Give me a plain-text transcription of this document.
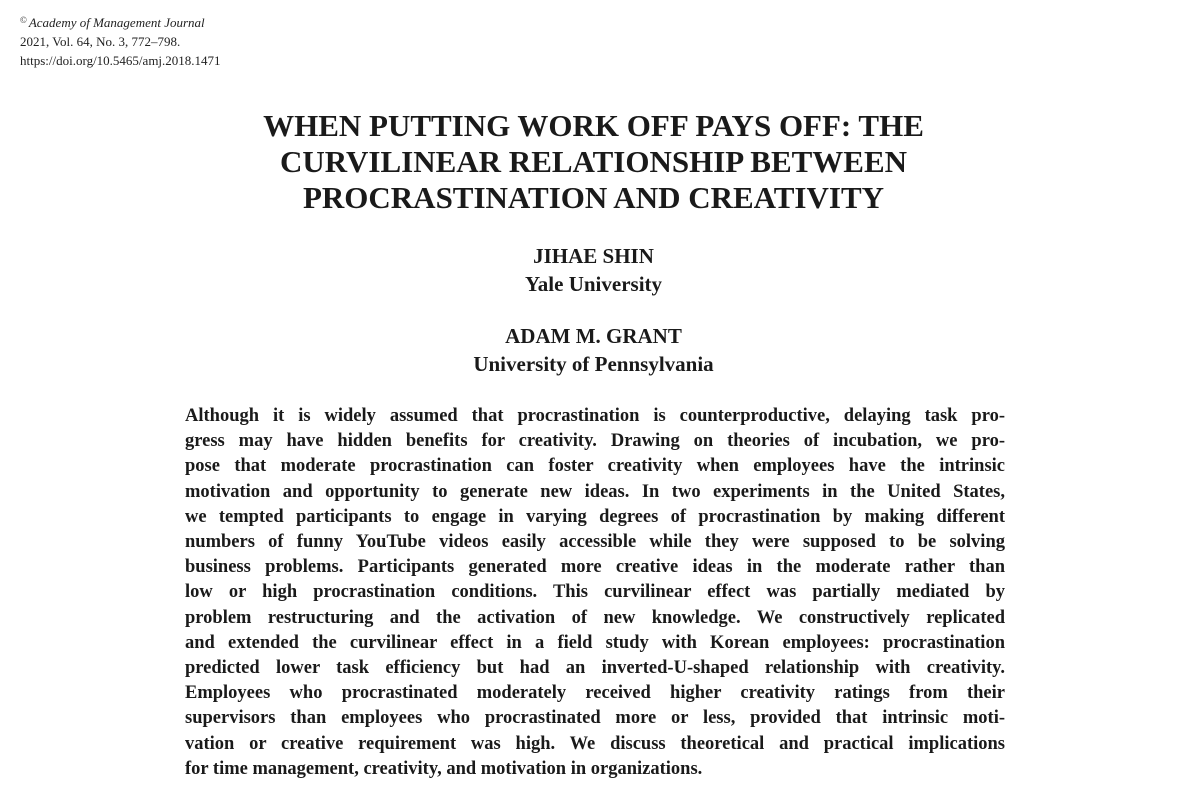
© Academy of Management Journal
2021, Vol. 64, No. 3, 772–798.
https://doi.org/10.5465/amj.2018.1471
WHEN PUTTING WORK OFF PAYS OFF: THE
CURVILINEAR RELATIONSHIP BETWEEN
PROCRASTINATION AND CREATIVITY
JIHAE SHIN
Yale University
ADAM M. GRANT
University of Pennsylvania

Although it is widely assumed that procrastination is counterproductive, delaying task pro-
gress may have hidden benefits for creativity. Drawing on theories of incubation, we pro-
pose that moderate procrastination can foster creativity when employees have the intrinsic
motivation and opportunity to generate new ideas. In two experiments in the United States,
we tempted participants to engage in varying degrees of procrastination by making different
numbers of funny YouTube videos easily accessible while they were supposed to be solving
business problems. Participants generated more creative ideas in the moderate rather than
low or high procrastination conditions. This curvilinear effect was partially mediated by
problem restructuring and the activation of new knowledge. We constructively replicated
and extended the curvilinear effect in a field study with Korean employees: procrastination
predicted lower task efficiency but had an inverted-U-shaped relationship with creativity.
Employees who procrastinated moderately received higher creativity ratings from their
supervisors than employees who procrastinated more or less, provided that intrinsic moti-
vation or creative requirement was high. We discuss theoretical and practical implications
for time management, creativity, and motivation in organizations.
